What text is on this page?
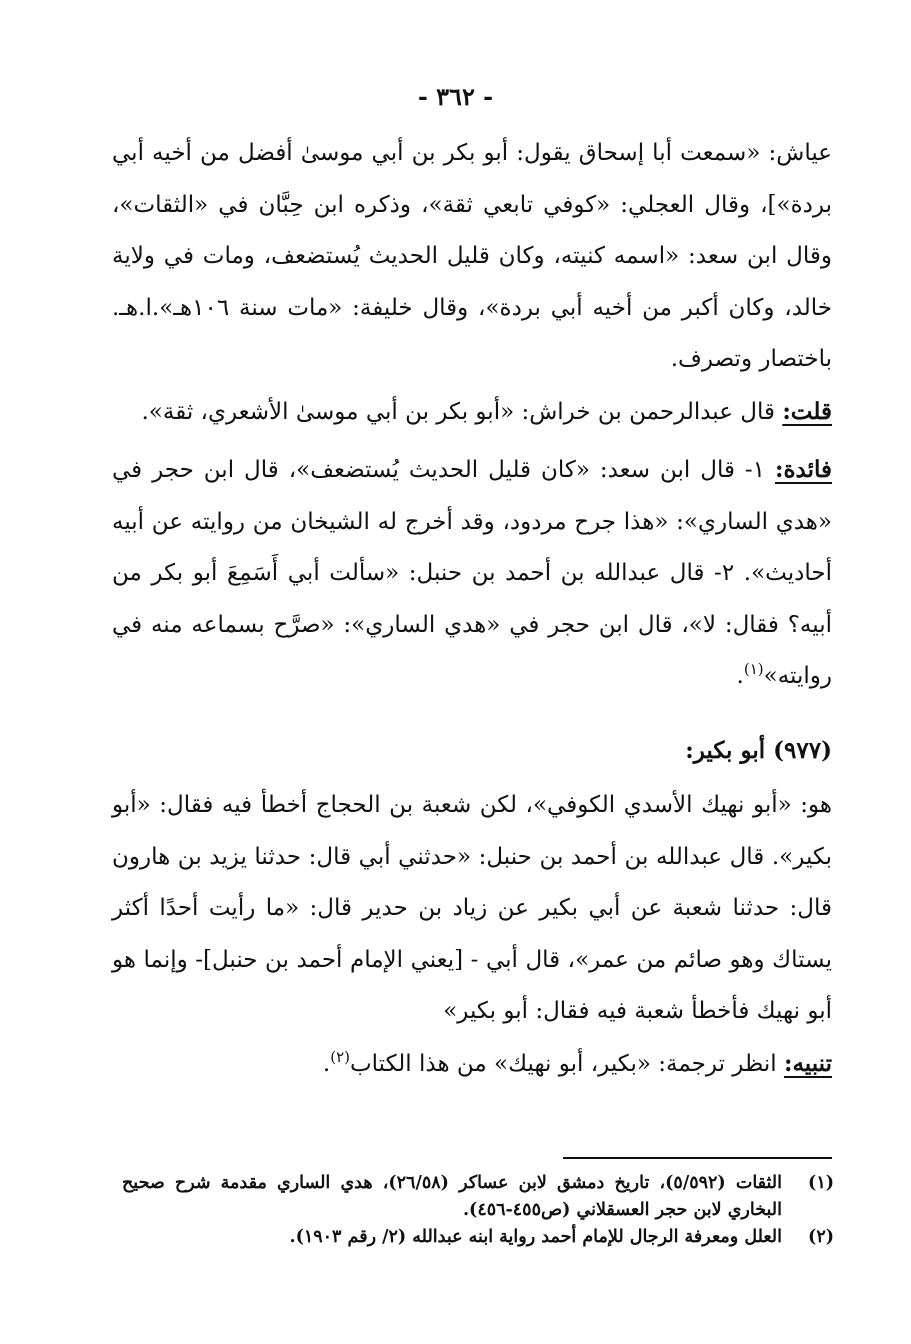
- ٣٦٢ -

عياش: «سمعت أبا إسحاق يقول: أبو بكر بن أبي موسىٰ أفضل من أخيه أبي بردة»]، وقال العجلي: «كوفي تابعي ثقة»، وذكره ابن حِبَّان في «الثقات»، وقال ابن سعد: «اسمه كنيته، وكان قليل الحديث يُستضعف، ومات في ولاية خالد، وكان أكبر من أخيه أبي بردة»، وقال خليفة: «مات سنة ١٠٦هـ».ا.هـ. باختصار وتصرف.

قلت: قال عبدالرحمن بن خراش: «أبو بكر بن أبي موسىٰ الأشعري، ثقة».

فائدة: ١- قال ابن سعد: «كان قليل الحديث يُستضعف»، قال ابن حجر في «هدي الساري»: «هذا جرح مردود، وقد أخرج له الشيخان من روايته عن أبيه أحاديث». ٢- قال عبدالله بن أحمد بن حنبل: «سألت أبي أَسَمِعَ أبو بكر من أبيه؟ فقال: لا»، قال ابن حجر في «هدي الساري»: «صرَّح بسماعه منه في روايته»$^{(١)}$.

(٩٧٧) أبو بكير:

هو: «أبو نهيك الأسدي الكوفي»، لكن شعبة بن الحجاج أخطأ فيه فقال: «أبو بكير». قال عبدالله بن أحمد بن حنبل: «حدثني أبي قال: حدثنا يزيد بن هارون قال: حدثنا شعبة عن أبي بكير عن زياد بن حدير قال: «ما رأيت أحدًا أكثر يستاك وهو صائم من عمر»، قال أبي - [يعني الإمام أحمد بن حنبل]- وإنما هو أبو نهيك فأخطأ شعبة فيه فقال: أبو بكير»

تنبيه: انظر ترجمة: «بكير، أبو نهيك» من هذا الكتاب$^{(٢)}$.

(١)
الثقات (٥/٥٩٢)، تاريخ دمشق لابن عساكر (٢٦/٥٨)، هدي الساري مقدمة شرح صحيح البخاري لابن حجر العسقلاني (ص٤٥٥-٤٥٦).

(٢)
العلل ومعرفة الرجال للإمام أحمد رواية ابنه عبدالله (٢/ رقم ١٩٠٣).
